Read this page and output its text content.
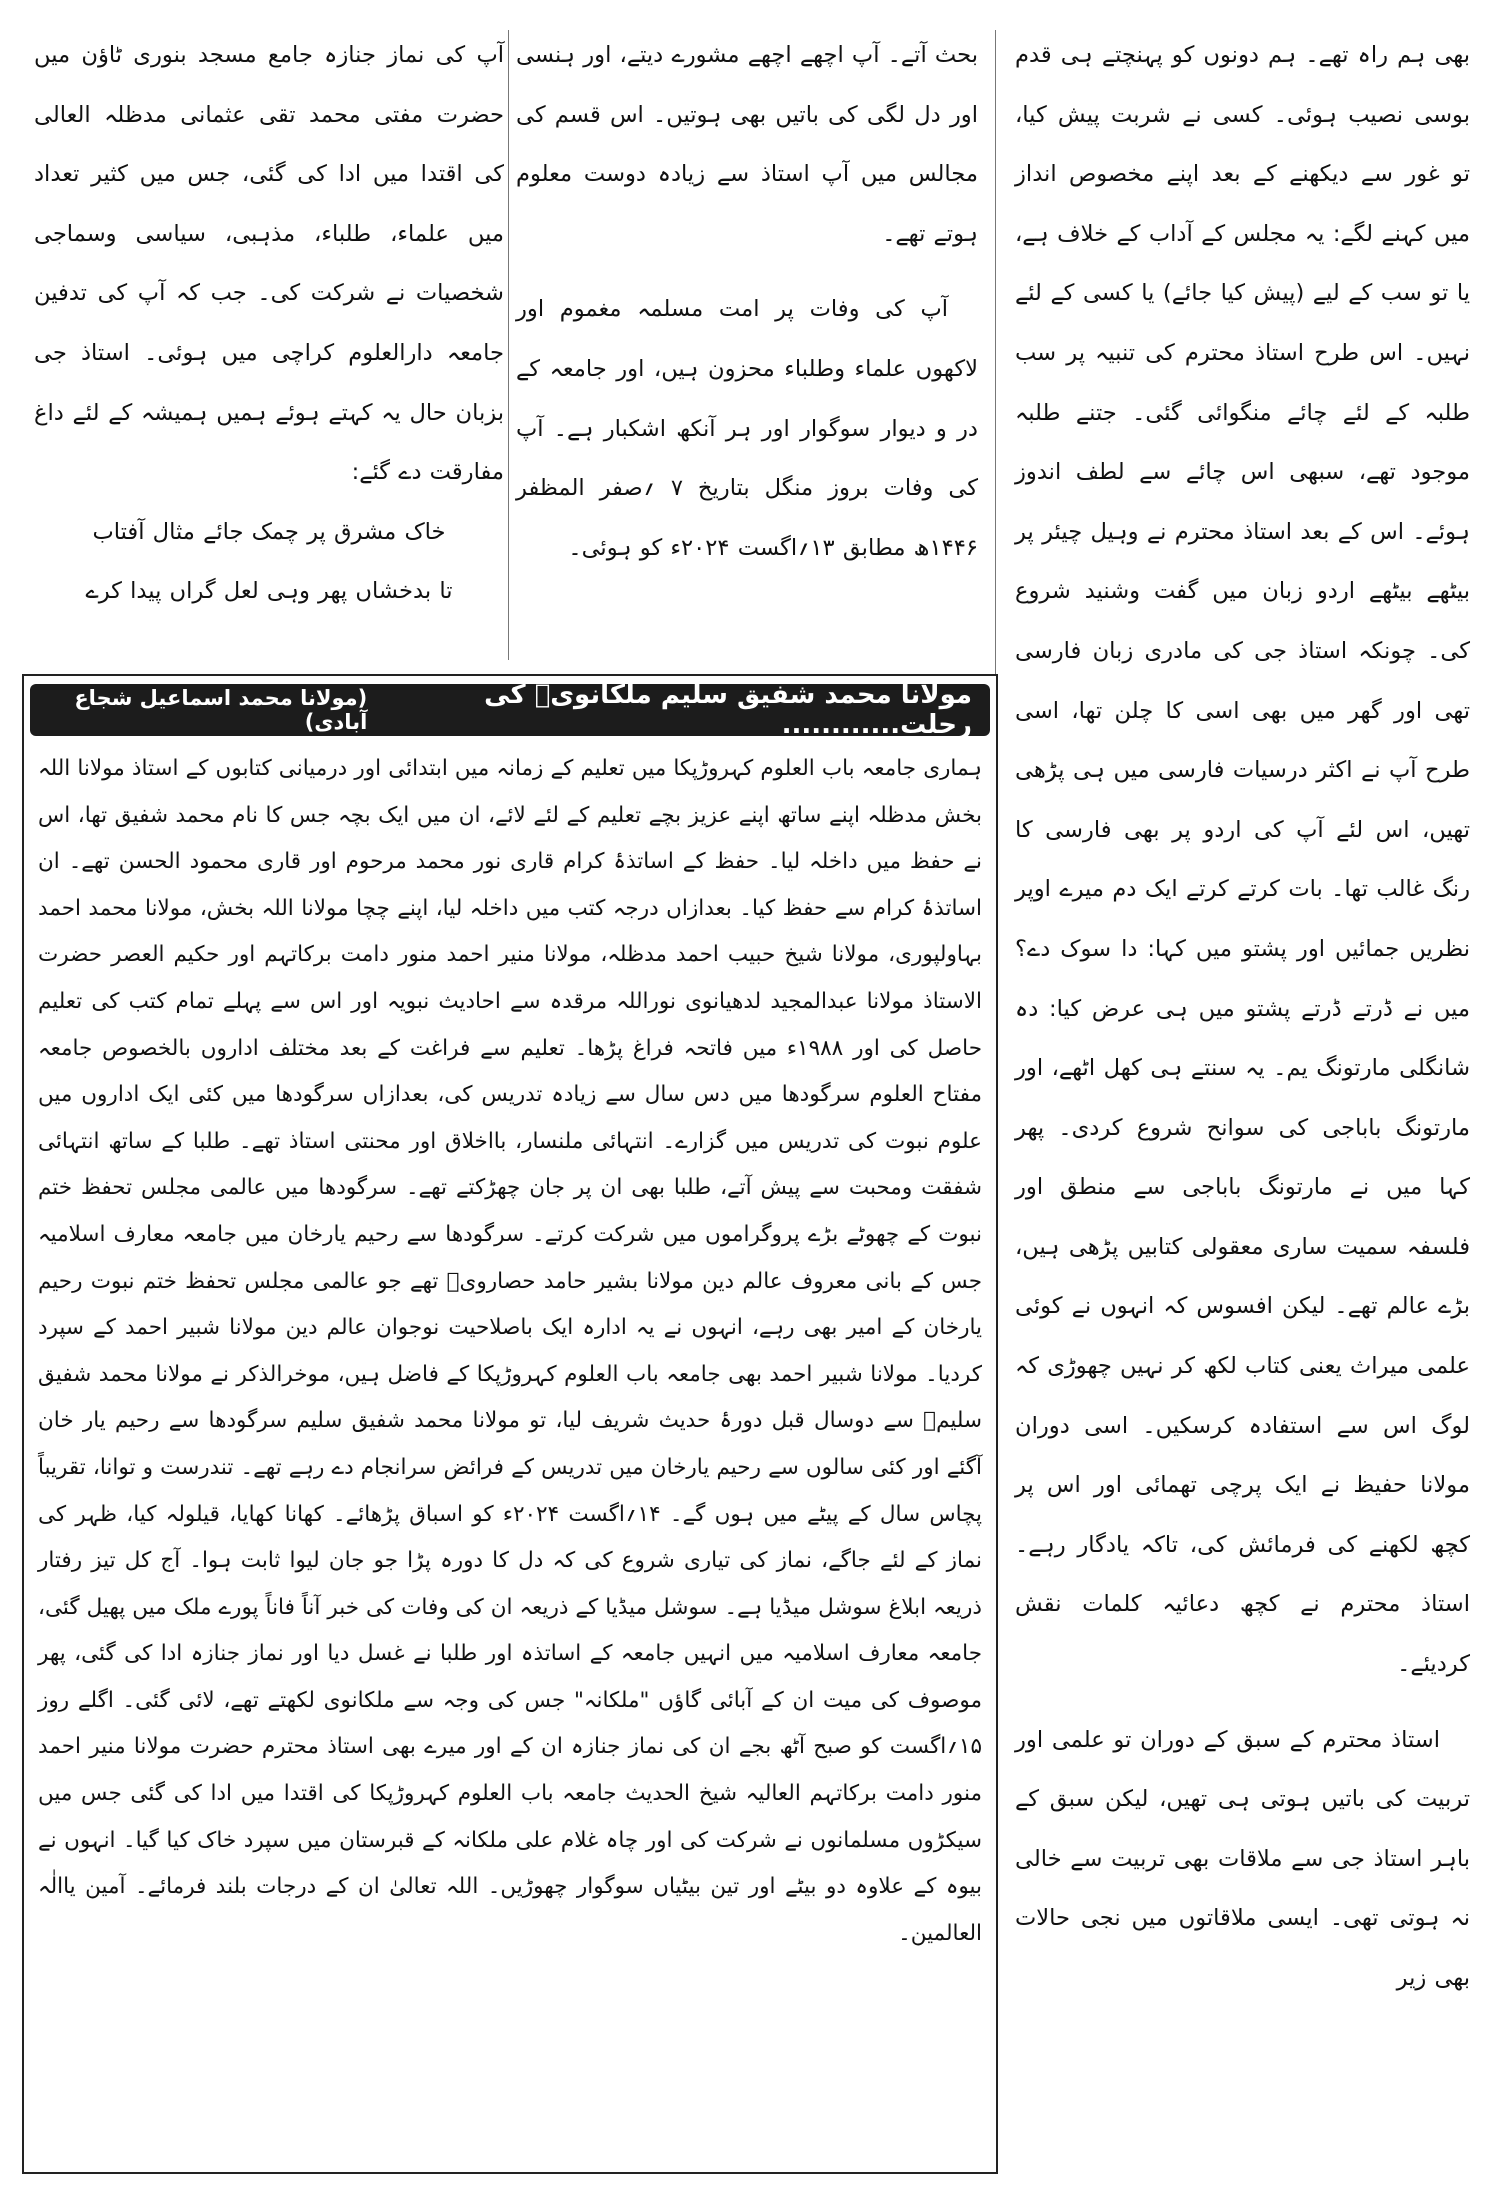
بھی ہم راہ تھے۔ ہم دونوں کو پہنچتے ہی قدم بوسی نصیب ہوئی۔ کسی نے شربت پیش کیا، تو غور سے دیکھنے کے بعد اپنے مخصوص انداز میں کہنے لگے: یہ مجلس کے آداب کے خلاف ہے، یا تو سب کے لیے (پیش کیا جائے) یا کسی کے لئے نہیں۔ اس طرح استاذ محترم کی تنبیہ پر سب طلبہ کے لئے چائے منگوائی گئی۔ جتنے طلبہ موجود تھے، سبھی اس چائے سے لطف اندوز ہوئے۔ اس کے بعد استاذ محترم نے وہیل چیئر پر بیٹھے بیٹھے اردو زبان میں گفت وشنید شروع کی۔ چونکہ استاذ جی کی مادری زبان فارسی تھی اور گھر میں بھی اسی کا چلن تھا، اسی طرح آپ نے اکثر درسیات فارسی میں ہی پڑھی تھیں، اس لئے آپ کی اردو پر بھی فارسی کا رنگ غالب تھا۔ بات کرتے کرتے ایک دم میرے اوپر نظریں جمائیں اور پشتو میں کہا: دا سوک دے؟ میں نے ڈرتے ڈرتے پشتو میں ہی عرض کیا: دہ شانگلی مارتونگ یم۔ یہ سنتے ہی کھل اٹھے، اور مارتونگ باباجی کی سوانح شروع کردی۔ پھر کہا میں نے مارتونگ باباجی سے منطق اور فلسفہ سمیت ساری معقولی کتابیں پڑھی ہیں، بڑے عالم تھے۔ لیکن افسوس کہ انہوں نے کوئی علمی میراث یعنی کتاب لکھ کر نہیں چھوڑی کہ لوگ اس سے استفادہ کرسکیں۔ اسی دوران مولانا حفیظ نے ایک پرچی تھمائی اور اس پر کچھ لکھنے کی فرمائش کی، تاکہ یادگار رہے۔ استاذ محترم نے کچھ دعائیہ کلمات نقش کردیئے۔

استاذ محترم کے سبق کے دوران تو علمی اور تربیت کی باتیں ہوتی ہی تھیں، لیکن سبق کے باہر استاذ جی سے ملاقات بھی تربیت سے خالی نہ ہوتی تھی۔ ایسی ملاقاتوں میں نجی حالات بھی زیر

بحث آتے۔ آپ اچھے اچھے مشورے دیتے، اور ہنسی اور دل لگی کی باتیں بھی ہوتیں۔ اس قسم کی مجالس میں آپ استاذ سے زیادہ دوست معلوم ہوتے تھے۔

آپ کی وفات پر امت مسلمہ مغموم اور لاکھوں علماء وطلباء محزون ہیں، اور جامعہ کے در و دیوار سوگوار اور ہر آنکھ اشکبار ہے۔ آپ کی وفات بروز منگل بتاریخ ۷ ؍صفر المظفر ۱۴۴۶ھ مطابق ۱۳؍اگست ۲۰۲۴ء کو ہوئی۔

آپ کی نماز جنازہ جامع مسجد بنوری ٹاؤن میں حضرت مفتی محمد تقی عثمانی مدظلہ العالی کی اقتدا میں ادا کی گئی، جس میں کثیر تعداد میں علماء، طلباء، مذہبی، سیاسی وسماجی شخصیات نے شرکت کی۔ جب کہ آپ کی تدفین جامعہ دارالعلوم کراچی میں ہوئی۔ استاذ جی بزبان حال یہ کہتے ہوئے ہمیں ہمیشہ کے لئے داغ مفارقت دے گئے:

خاک مشرق پر چمک جائے مثال آفتاب

تا بدخشاں پھر وہی لعل گراں پیدا کرے

مولانا محمد شفیق سلیم ملکانویؒ کی رحلت............
(مولانا محمد اسماعیل شجاع آبادی)

ہماری جامعہ باب العلوم کہروڑپکا میں تعلیم کے زمانہ میں ابتدائی اور درمیانی کتابوں کے استاذ مولانا اللہ بخش مدظلہ اپنے ساتھ اپنے عزیز بچے تعلیم کے لئے لائے، ان میں ایک بچہ جس کا نام محمد شفیق تھا، اس نے حفظ میں داخلہ لیا۔ حفظ کے اساتذۂ کرام قاری نور محمد مرحوم اور قاری محمود الحسن تھے۔ ان اساتذۂ کرام سے حفظ کیا۔ بعدازاں درجہ کتب میں داخلہ لیا، اپنے چچا مولانا اللہ بخش، مولانا محمد احمد بہاولپوری، مولانا شیخ حبیب احمد مدظلہ، مولانا منیر احمد منور دامت برکاتہم اور حکیم العصر حضرت الاستاذ مولانا عبدالمجید لدھیانوی نوراللہ مرقدہ سے احادیث نبویہ اور اس سے پہلے تمام کتب کی تعلیم حاصل کی اور ۱۹۸۸ء میں فاتحہ فراغ پڑھا۔ تعلیم سے فراغت کے بعد مختلف اداروں بالخصوص جامعہ مفتاح العلوم سرگودھا میں دس سال سے زیادہ تدریس کی، بعدازاں سرگودھا میں کئی ایک اداروں میں علوم نبوت کی تدریس میں گزارے۔ انتہائی ملنسار، بااخلاق اور محنتی استاذ تھے۔ طلبا کے ساتھ انتہائی شفقت ومحبت سے پیش آتے، طلبا بھی ان پر جان چھڑکتے تھے۔ سرگودھا میں عالمی مجلس تحفظ ختم نبوت کے چھوٹے بڑے پروگراموں میں شرکت کرتے۔ سرگودھا سے رحیم یارخان میں جامعہ معارف اسلامیہ جس کے بانی معروف عالم دین مولانا بشیر حامد حصارویؒ تھے جو عالمی مجلس تحفظ ختم نبوت رحیم یارخان کے امیر بھی رہے، انہوں نے یہ ادارہ ایک باصلاحیت نوجوان عالم دین مولانا شبیر احمد کے سپرد کردیا۔ مولانا شبیر احمد بھی جامعہ باب العلوم کہروڑپکا کے فاضل ہیں، موخرالذکر نے مولانا محمد شفیق سلیمؒ سے دوسال قبل دورۂ حدیث شریف لیا، تو مولانا محمد شفیق سلیم سرگودھا سے رحیم یار خان آگئے اور کئی سالوں سے رحیم یارخان میں تدریس کے فرائض سرانجام دے رہے تھے۔ تندرست و توانا، تقریباً پچاس سال کے پیٹے میں ہوں گے۔ ۱۴؍اگست ۲۰۲۴ء کو اسباق پڑھائے۔ کھانا کھایا، قیلولہ کیا، ظہر کی نماز کے لئے جاگے، نماز کی تیاری شروع کی کہ دل کا دورہ پڑا جو جان لیوا ثابت ہوا۔ آج کل تیز رفتار ذریعہ ابلاغ سوشل میڈیا ہے۔ سوشل میڈیا کے ذریعہ ان کی وفات کی خبر آناً فاناً پورے ملک میں پھیل گئی، جامعہ معارف اسلامیہ میں انہیں جامعہ کے اساتذہ اور طلبا نے غسل دیا اور نماز جنازہ ادا کی گئی، پھر موصوف کی میت ان کے آبائی گاؤں "ملکانہ" جس کی وجہ سے ملکانوی لکھتے تھے، لائی گئی۔ اگلے روز ۱۵؍اگست کو صبح آٹھ بجے ان کی نماز جنازہ ان کے اور میرے بھی استاذ محترم حضرت مولانا منیر احمد منور دامت برکاتہم العالیہ شیخ الحدیث جامعہ باب العلوم کہروڑپکا کی اقتدا میں ادا کی گئی جس میں سیکڑوں مسلمانوں نے شرکت کی اور چاہ غلام علی ملکانہ کے قبرستان میں سپرد خاک کیا گیا۔ انہوں نے بیوہ کے علاوہ دو بیٹے اور تین بیٹیاں سوگوار چھوڑیں۔ اللہ تعالیٰ ان کے درجات بلند فرمائے۔ آمین یاالٰہ العالمین۔
